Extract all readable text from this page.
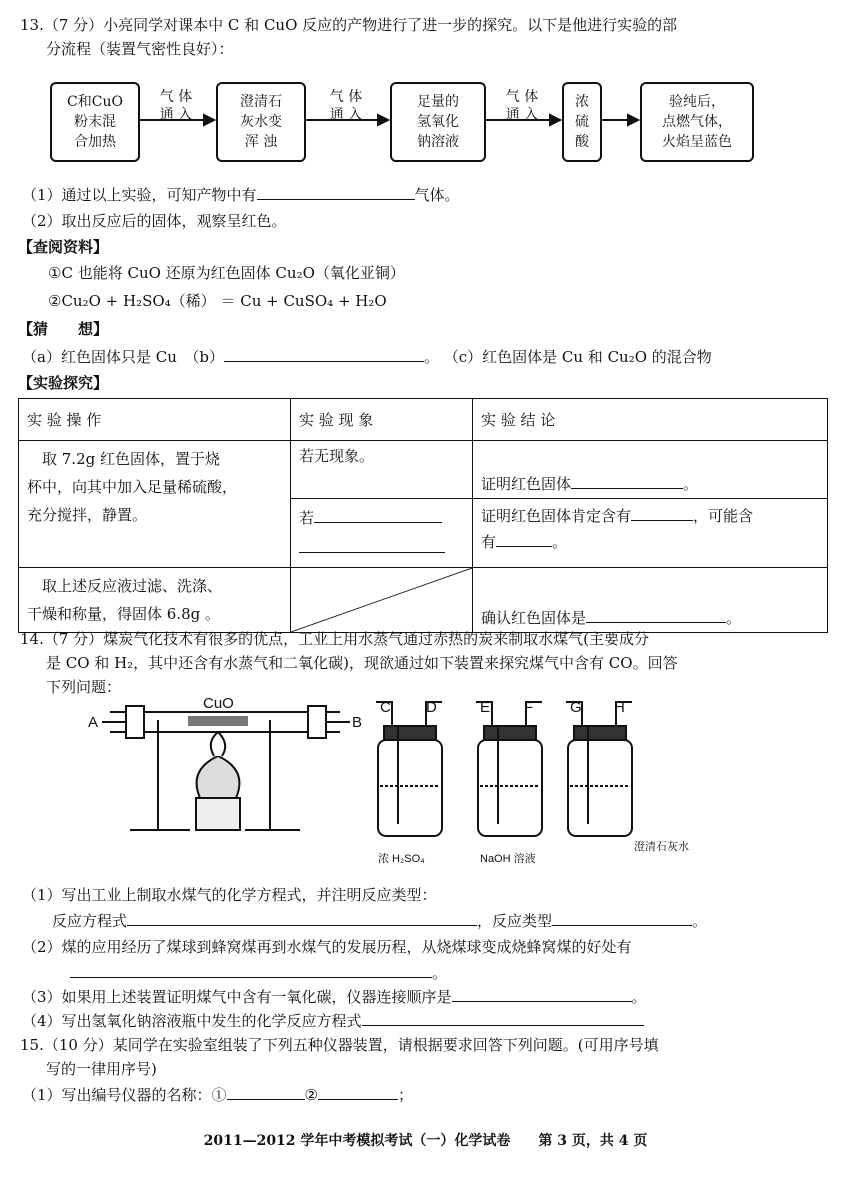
13.（7 分）小亮同学对课本中 C 和 CuO 反应的产物进行了进一步的探究。以下是他进行实验的部
分流程（装置气密性良好）：
C和CuO
粉末混
合加热
气 体
通 入
澄清石
灰水变
浑 浊
气 体
通 入
足量的
氢氧化
钠溶液
气 体
通 入
浓
硫
酸
验纯后，
点燃气体，
火焰呈蓝色
（1）通过以上实验，可知产物中有	气体。
（2）取出反应后的固体，观察呈红色。
【查阅资料】
①C 也能将 CuO 还原为红色固体 Cu₂O（氧化亚铜）
②Cu₂O + H₂SO₄（稀） ＝ Cu + CuSO₄ + H₂O
【猜　　想】
（a）红色固体只是 Cu　（b）	。 （c）红色固体是 Cu 和 Cu₂O 的混合物
【实验探究】
实 验 操 作	实 验 现 象	实 验 结 论

　取 7.2g 红色固体，置于烧
杯中，向其中加入足量稀硫酸，
充分搅拌，静置。	若无现象。	证明红色固体 。

	若	证明红色固体肯定含有 ，可能含
有 。

　取上述反应液过滤、洗涤、
干燥和称量，得固体 6.8g 。		确认红色固体是 。
14.（7 分）煤炭气化技术有很多的优点，工业上用水蒸气通过赤热的炭来制取水煤气(主要成分
是 CO 和 H₂，其中还含有水蒸气和二氧化碳)，现欲通过如下装置来探究煤气中含有 CO。回答
下列问题：
A	B
CuO	C D	E F G H
浓 H₂SO₄	NaOH 溶液
澄清石灰水
（1）写出工业上制取水煤气的化学方程式，并注明反应类型：
　　反应方程式	，反应类型	。
（2）煤的应用经历了煤球到蜂窝煤再到水煤气的发展历程，从烧煤球变成烧蜂窝煤的好处有
。
（3）如果用上述装置证明煤气中含有一氧化碳，仪器连接顺序是	。
（4）写出氢氧化钠溶液瓶中发生的化学反应方程式
15.（10 分）某同学在实验室组装了下列五种仪器装置，请根据要求回答下列问题。(可用序号填
写的一律用序号)
（1）写出编号仪器的名称：①	②	；
2011—2012 学年中考模拟考试（一）化学试卷　　第 3 页，共 4 页
